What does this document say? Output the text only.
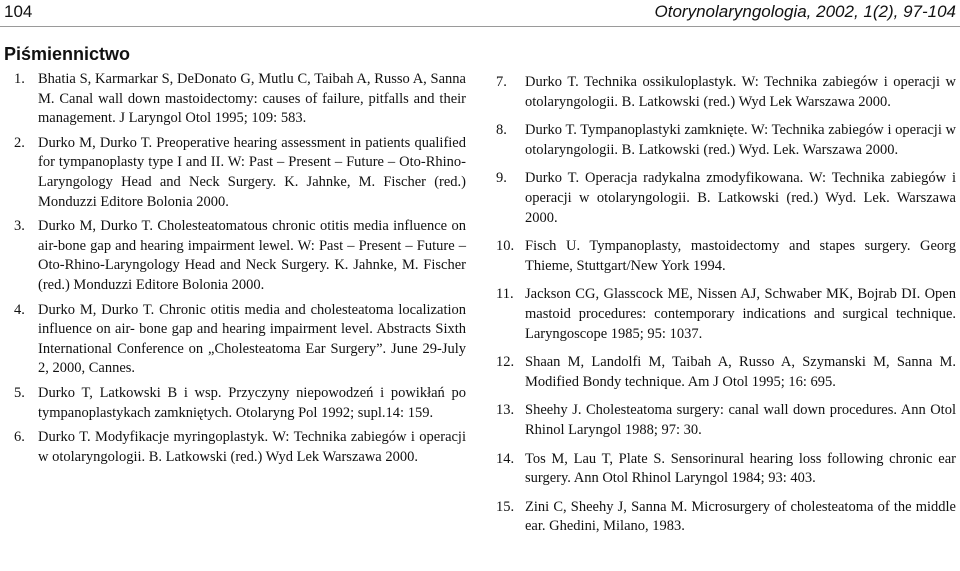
104	Otorynolaryngologia, 2002, 1(2), 97-104
Piśmiennictwo
1. Bhatia S, Karmarkar S, DeDonato G, Mutlu C, Taibah A, Russo A, Sanna M. Canal wall down mastoidectomy: causes of failure, pitfalls and their management. J Laryngol Otol 1995; 109: 583.
2. Durko M, Durko T. Preoperative hearing assessment in patients qualified for tympanoplasty type I and II. W: Past – Present – Future – Oto-Rhino-Laryngology Head and Neck Surgery. K. Jahnke, M. Fischer (red.) Monduzzi Editore Bolonia 2000.
3. Durko M, Durko T. Cholesteatomatous chronic otitis media influence on air-bone gap and hearing impairment lewel. W: Past – Present – Future – Oto-Rhino-Laryngology Head and Neck Surgery. K. Jahnke, M. Fischer (red.) Monduzzi Editore Bolonia 2000.
4. Durko M, Durko T. Chronic otitis media and cholesteatoma localization influence on air- bone gap and hearing impairment level. Abstracts Sixth International Conference on „Cholesteatoma Ear Surgery”. June 29-July 2, 2000, Cannes.
5. Durko T, Latkowski B i wsp. Przyczyny niepowodzeń i powikłań po tympanoplastykach zamkniętych. Otolaryng Pol 1992; supl.14: 159.
6. Durko T. Modyfikacje myringoplastyk. W: Technika zabiegów i operacji w otolaryngologii. B. Latkowski (red.) Wyd Lek Warszawa 2000.
7. Durko T. Technika ossikuloplastyk. W: Technika zabiegów i operacji w otolaryngologii. B. Latkowski (red.) Wyd Lek Warszawa 2000.
8. Durko T. Tympanoplastyki zamknięte. W: Technika zabiegów i operacji w otolaryngologii. B. Latkowski (red.) Wyd. Lek. Warszawa 2000.
9. Durko T. Operacja radykalna zmodyfikowana. W: Technika zabiegów i operacji w otolaryngologii. B. Latkowski (red.) Wyd. Lek. Warszawa 2000.
10. Fisch U. Tympanoplasty, mastoidectomy and stapes surgery. Georg Thieme, Stuttgart/New York 1994.
11. Jackson CG, Glasscock ME, Nissen AJ, Schwaber MK, Bojrab DI. Open mastoid procedures: contemporary indications and surgical technique. Laryngoscope 1985; 95: 1037.
12. Shaan M, Landolfi M, Taibah A, Russo A, Szymanski M, Sanna M. Modified Bondy technique. Am J Otol 1995; 16: 695.
13. Sheehy J. Cholesteatoma surgery: canal wall down procedures. Ann Otol Rhinol Laryngol 1988; 97: 30.
14. Tos M, Lau T, Plate S. Sensorinural hearing loss following chronic ear surgery. Ann Otol Rhinol Laryngol 1984; 93: 403.
15. Zini C, Sheehy J, Sanna M. Microsurgery of cholesteatoma of the middle ear. Ghedini, Milano, 1983.
